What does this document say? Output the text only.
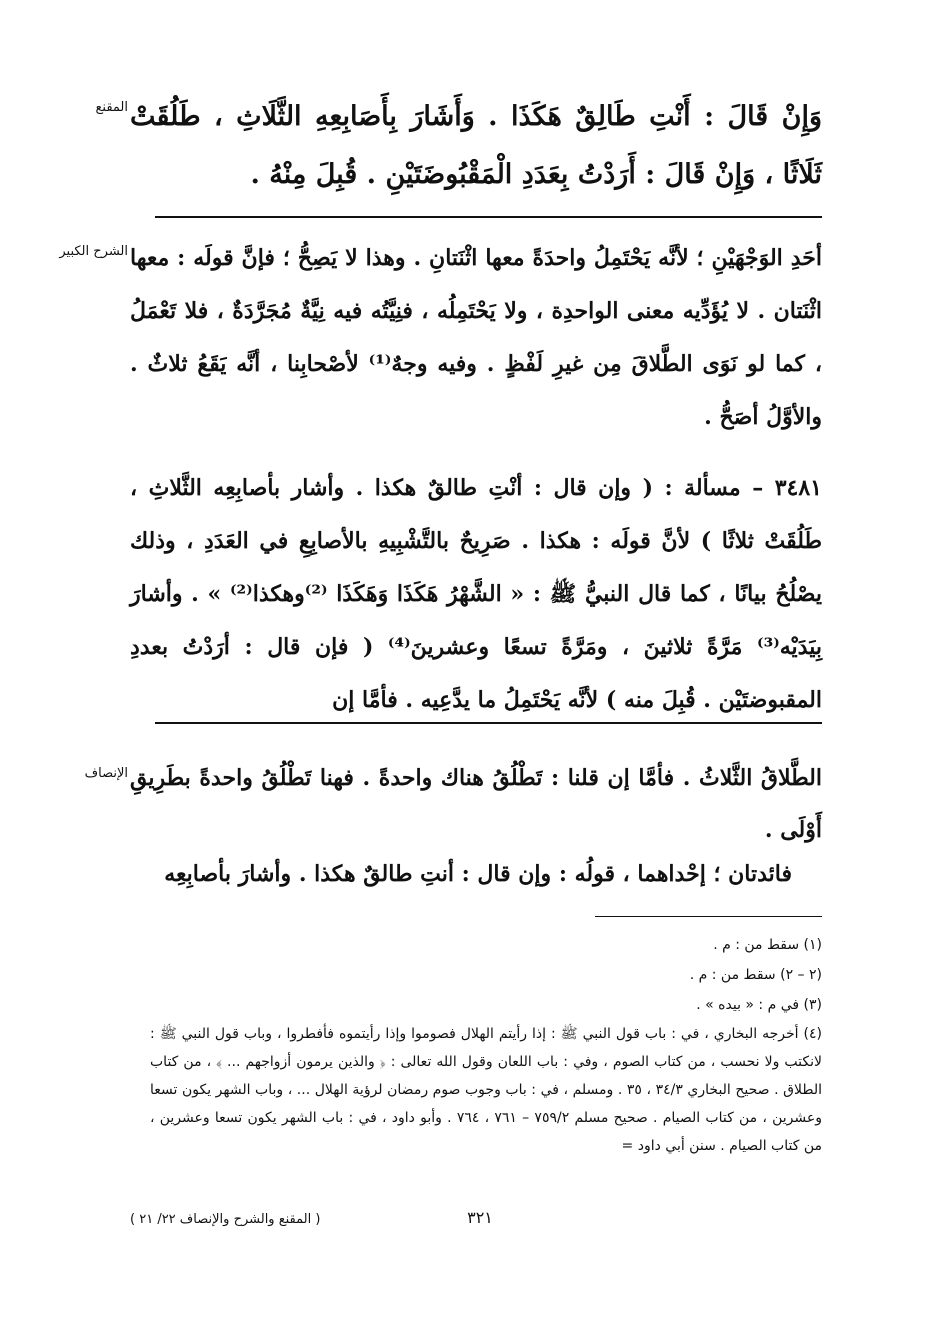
المقنع وَإِنْ قَالَ : أَنْتِ طَالِقٌ هَكَذَا . وَأَشَارَ بِأَصَابِعِهِ الثَّلَاثِ ، طَلُقَتْ ثَلَاثًا ، وَإِنْ قَالَ : أَرَدْتُ بِعَدَدِ الْمَقْبُوضَتَيْنِ . قُبِلَ مِنْهُ .
الشرح الكبير أحَدِ الوَجْهَيْنِ ؛ لأنَّه يَحْتَمِلُ واحدَةً معها اثْنَتانِ . وهذا لا يَصِحُّ ؛ فإنَّ قولَه : معها اثْنَتان . لا يُؤَدِّيه معنى الواحدِة ، ولا يَحْتَمِلُه ، فنِيَّتُه فيه نِيَّةٌ مُجَرَّدَةٌ ، فلا تَعْمَلُ ، كما لو نَوَى الطَّلاقَ مِن غيرِ لَفْظٍ . وفيه وجهٌ⁽¹⁾ لأصْحابِنا ، أنَّه يَقَعُ ثلاثٌ . والأوَّلُ أصَحُّ .
٣٤٨١ – مسألة : ( وإن قال : أنْتِ طالقٌ هكذا . وأشار بأصابِعِه الثَّلاثِ ، طَلُقَتْ ثلاثًا ) لأنَّ قولَه : هكذا . صَرِيحٌ بالتَّشْبِيهِ بالأصابِعِ في العَدَدِ ، وذلك يصْلُحُ بيانًا ، كما قال النبيُّ ﷺ : « الشَّهْرُ هَكَذَا وَهَكَذَا ⁽²⁾وهكذا⁽²⁾ » . وأشارَ بِيَدَيْه⁽³⁾ مَرَّةً ثلاثينَ ، ومَرَّةً تسعًا وعشرينَ⁽⁴⁾ ( فإن قال : أرَدْتُ بعددِ المقبوضتَيْن . قُبِلَ منه ) لأنَّه يَحْتَمِلُ ما يدَّعِيه . فأمَّا إن
الإنصاف الطَّلاقُ الثَّلاثُ . فأمَّا إن قلنا : تَطْلُقُ هناك واحدةً . فهنا تَطْلُقُ واحدةً بطَرِيقِ أَوْلَى .
فائدتان ؛ إحْداهما ، قولُه : وإن قال : أنتِ طالقٌ هكذا . وأشارَ بأصابِعِه
(١) سقط من : م .
(٢ – ٢) سقط من : م .
(٣) في م : « بيده » .
(٤) أخرجه البخاري ، في : باب قول النبي ﷺ : إذا رأيتم الهلال فصوموا وإذا رأيتموه فأفطروا ، وباب قول النبي ﷺ : لانكتب ولا نحسب ، من كتاب الصوم ، وفي : باب اللعان وقول الله تعالى : ﴿ والذين يرمون أزواجهم ... ﴾ ، من كتاب الطلاق . صحيح البخاري ٣٤/٣ ، ٣٥ . ومسلم ، في : باب وجوب صوم رمضان لرؤية الهلال ... ، وباب الشهر يكون تسعا وعشرين ، من كتاب الصيام . صحيح مسلم ٧٥٩/٢ – ٧٦١ ، ٧٦٤ . وأبو داود ، في : باب الشهر يكون تسعا وعشرين ، من كتاب الصيام . سنن أبي داود =
٣٢١
( المقنع والشرح والإنصاف ٢٢/ ٢١ )
